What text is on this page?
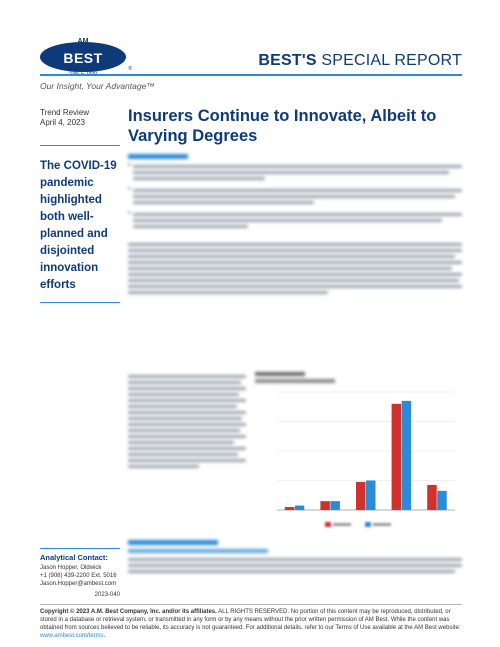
AM
BEST
®	BEST'S SPECIAL REPORT
Our Insight, Your Advantage™
Trend Review
April 4, 2023
The COVID-19 pandemic highlighted both well-planned and disjointed innovation efforts
Insurers Continue to Innovate, Albeit to Varying Degrees
•
•
•
Analytical Contact:
Jason Hopper, Oldwick
+1 (908) 439-2200 Ext. 5016
Jason.Hopper@ambest.com
2023-040
Copyright © 2023 A.M. Best Company, Inc. and/or its affiliates. ALL RIGHTS RESERVED. No portion of this content may be reproduced, distributed, or stored in a database or retrieval system, or transmitted in any form or by any means without the prior written permission of AM Best. While the content was obtained from sources believed to be reliable, its accuracy is not guaranteed. For additional details, refer to our Terms of Use available at the AM Best website: www.ambest.com/terms.
